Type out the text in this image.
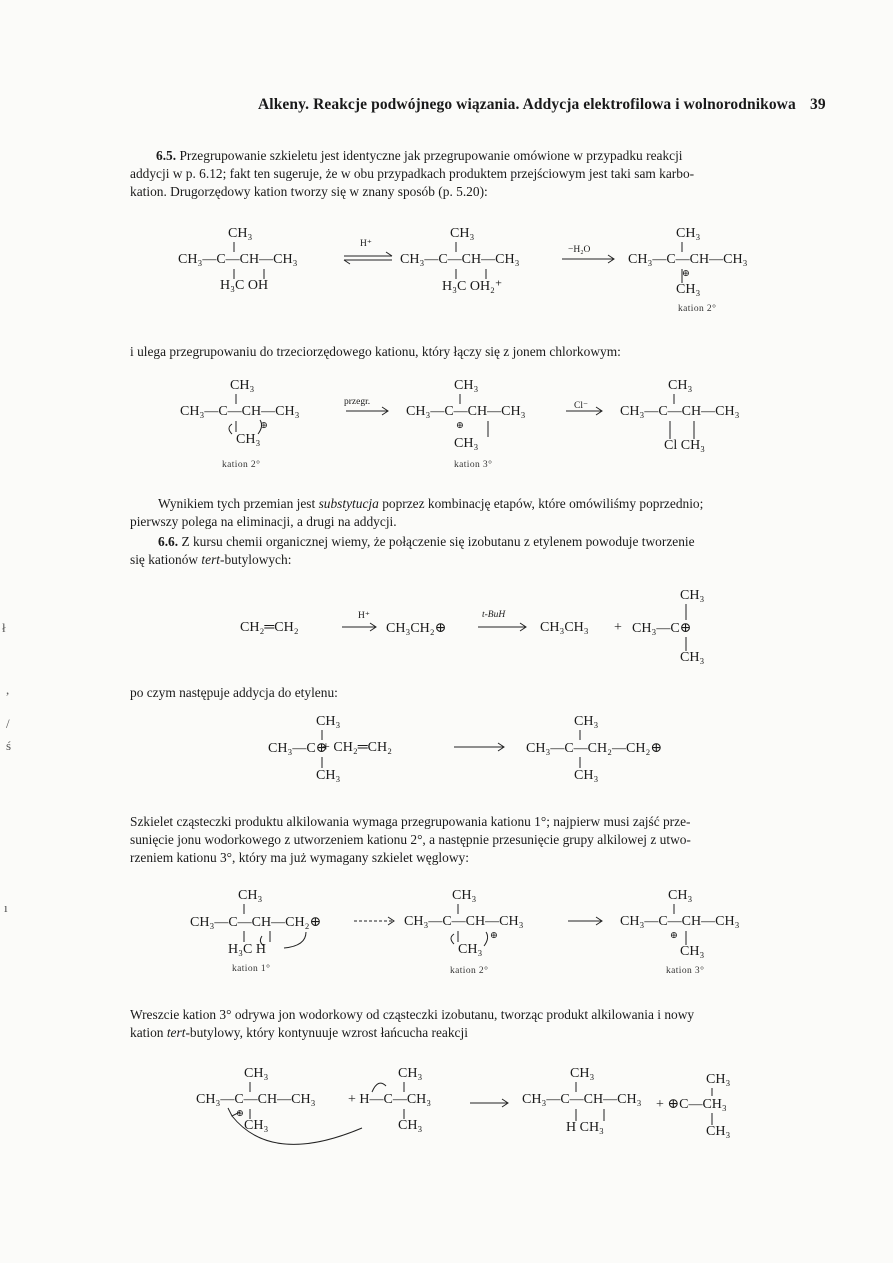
ł
,
/
ś
ı
Alkeny. Reakcje podwójnego wiązania. Addycja elektrofilowa i wolnorodnikowa 39
6.5. Przegrupowanie szkieletu jest identyczne jak przegrupowanie omówione w przypadku reakcji
addycji w p. 6.12; fakt ten sugeruje, że w obu przypadkach produktem przejściowym jest taki sam karbo-
kation. Drugorzędowy kation tworzy się w znany sposób (p. 5.20):
CH₃
CH₃—C—CH—CH₃
H₃C OH
H⁺
CH₃
CH₃—C—CH—CH₃
H₃C OH₂⁺
−H₂O
CH₃
CH₃—C—CH—CH₃
⊕
CH₃
kation 2°
i ulega przegrupowaniu do trzeciorzędowego kationu, który łączy się z jonem chlorkowym:
CH₃
CH₃—C—CH—CH₃
⊕
CH₃
kation 2°
przegr.
CH₃
CH₃—C—CH—CH₃
⊕
CH₃
kation 3°
Cl⁻
CH₃
CH₃—C—CH—CH₃
Cl CH₃
Wynikiem tych przemian jest substytucja poprzez kombinację etapów, które omówiliśmy poprzednio;
pierwszy polega na eliminacji, a drugi na addycji.
6.6. Z kursu chemii organicznej wiemy, że połączenie się izobutanu z etylenem powoduje tworzenie
się kationów tert-butylowych:
CH₂═CH₂
H⁺
CH₃CH₂⊕
t-BuH
CH₃CH₃ +
CH₃
CH₃—C⊕
CH₃
po czym następuje addycja do etylenu:
CH₃
CH₃—C⊕
+ CH₂═CH₂
CH₃
CH₃
CH₃—C—CH₂—CH₂⊕
CH₃
Szkielet cząsteczki produktu alkilowania wymaga przegrupowania kationu 1°; najpierw musi zajść prze-
sunięcie jonu wodorkowego z utworzeniem kationu 2°, a następnie przesunięcie grupy alkilowej z utwo-
rzeniem kationu 3°, który ma już wymagany szkielet węglowy:
CH₃
CH₃—C—CH—CH₂⊕
H₃C H
kation 1°
CH₃
CH₃—C—CH—CH₃
⊕
CH₃
kation 2°
CH₃
CH₃—C—CH—CH₃
⊕
CH₃
kation 3°
Wreszcie kation 3° odrywa jon wodorkowy od cząsteczki izobutanu, tworząc produkt alkilowania i nowy
kation tert-butylowy, który kontynuuje wzrost łańcucha reakcji
CH₃
CH₃—C—CH—CH₃
⊕
CH₃
CH₃
+ H—C—CH₃
CH₃
CH₃
CH₃—C—CH—CH₃
H CH₃
CH₃
+ ⊕C—CH₃
CH₃
